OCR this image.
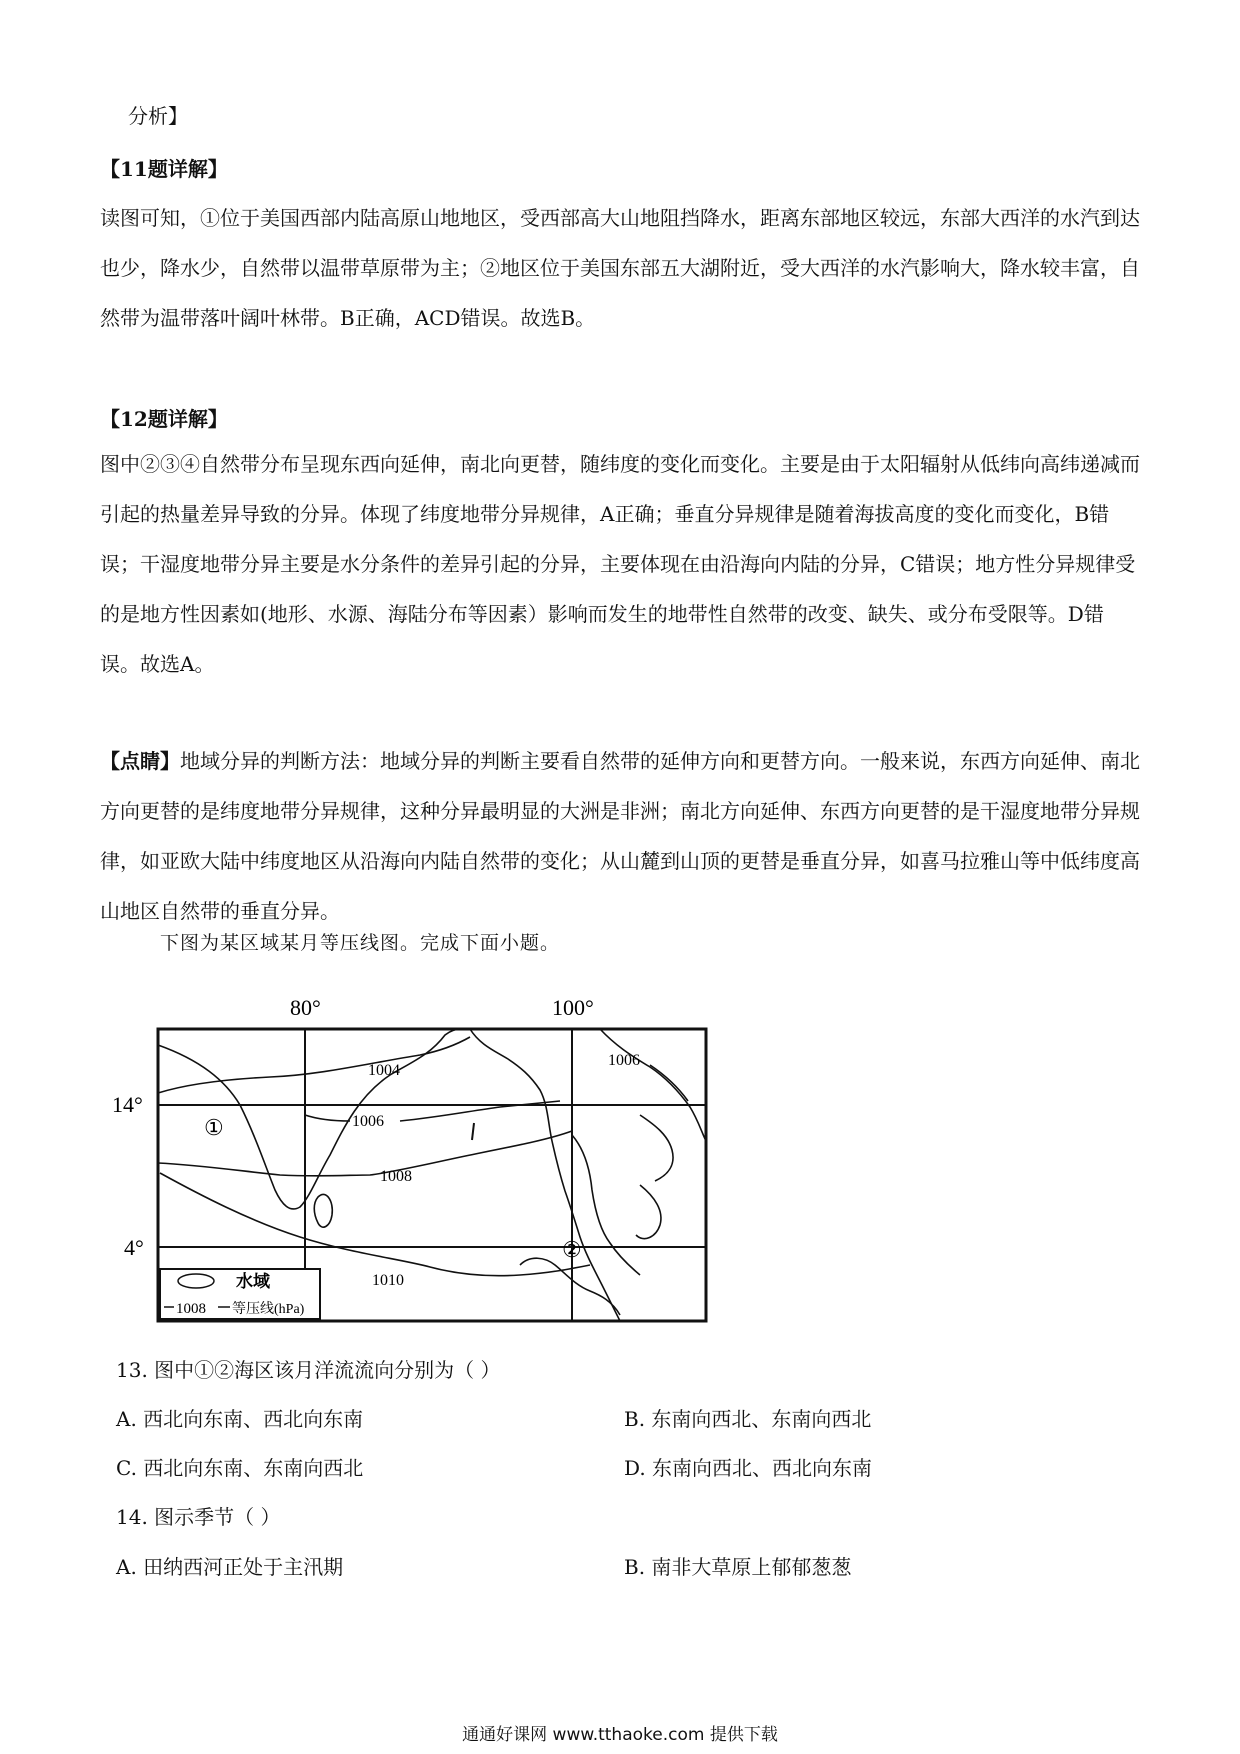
分析】
【11题详解】

读图可知，①位于美国西部内陆高原山地地区，受西部高大山地阻挡降水，距离东部地区较远，东部大西洋的水汽到达也少，降水少，自然带以温带草原带为主；②地区位于美国东部五大湖附近，受大西洋的水汽影响大，降水较丰富，自然带为温带落叶阔叶林带。B正确，ACD错误。故选B。

【12题详解】

图中②③④自然带分布呈现东西向延伸，南北向更替，随纬度的变化而变化。主要是由于太阳辐射从低纬向高纬递减而引起的热量差异导致的分异。体现了纬度地带分异规律，A正确；垂直分异规律是随着海拔高度的变化而变化，B错误；干湿度地带分异主要是水分条件的差异引起的分异，主要体现在由沿海向内陆的分异，C错误；地方性分异规律受的是地方性因素如(地形、水源、海陆分布等因素）影响而发生的地带性自然带的改变、缺失、或分布受限等。D错误。故选A。

【点睛】地域分异的判断方法：地域分异的判断主要看自然带的延伸方向和更替方向。一般来说，东西方向延伸、南北方向更替的是纬度地带分异规律，这种分异最明显的大洲是非洲；南北方向延伸、东西方向更替的是干湿度地带分异规律，如亚欧大陆中纬度地区从沿海向内陆自然带的变化；从山麓到山顶的更替是垂直分异，如喜马拉雅山等中低纬度高山地区自然带的垂直分异。

下图为某区域某月等压线图。完成下面小题。
80°	100°
14°
4°
1004
1006
1006
1008
1010
①
②
水域
1008 等压线(hPa)
13. 图中①②海区该月洋流流向分别为（ ）
A. 西北向东南、西北向东南	B. 东南向西北、东南向西北
C. 西北向东南、东南向西北	D. 东南向西北、西北向东南
14. 图示季节（ ）
A. 田纳西河正处于主汛期	B. 南非大草原上郁郁葱葱
通通好课网 www.tthaoke.com 提供下载
